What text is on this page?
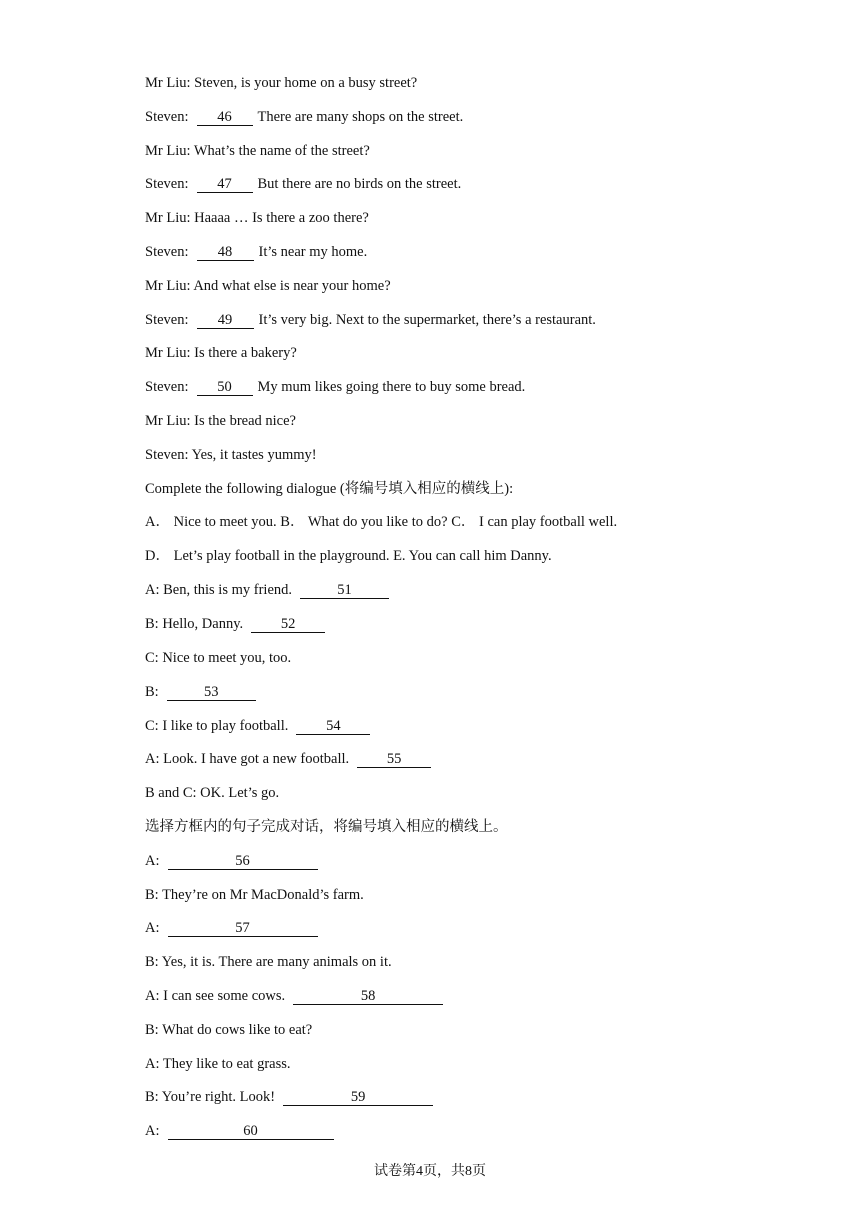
Mr Liu: Steven, is your home on a busy street?
Steven: 46 There are many shops on the street.
Mr Liu: What’s the name of the street?
Steven: 47 But there are no birds on the street.
Mr Liu: Haaaa … Is there a zoo there?
Steven: 48 It’s near my home.
Mr Liu: And what else is near your home?
Steven: 49 It’s very big. Next to the supermarket, there’s a restaurant.
Mr Liu: Is there a bakery?
Steven: 50 My mum likes going there to buy some bread.
Mr Liu: Is the bread nice?
Steven: Yes, it tastes yummy!
Complete the following dialogue (将编号填入相应的横线上):
A． Nice to meet you. B． What do you like to do? C． I can play football well.
D． Let’s play football in the playground. E. You can call him Danny.
A: Ben, this is my friend.	51
B: Hello, Danny.	52
C: Nice to meet you, too.
B:	53
C: I like to play football.	54
A: Look. I have got a new football.	55
B and C: OK. Let’s go.
选择方框内的句子完成对话，将编号填入相应的横线上。
A:	56
B: They’re on Mr MacDonald’s farm.
A:	57
B: Yes, it is. There are many animals on it.
A: I can see some cows.	58
B: What do cows like to eat?
A: They like to eat grass.
B: You’re right. Look!	59
A:	60
试卷第4页，共8页
